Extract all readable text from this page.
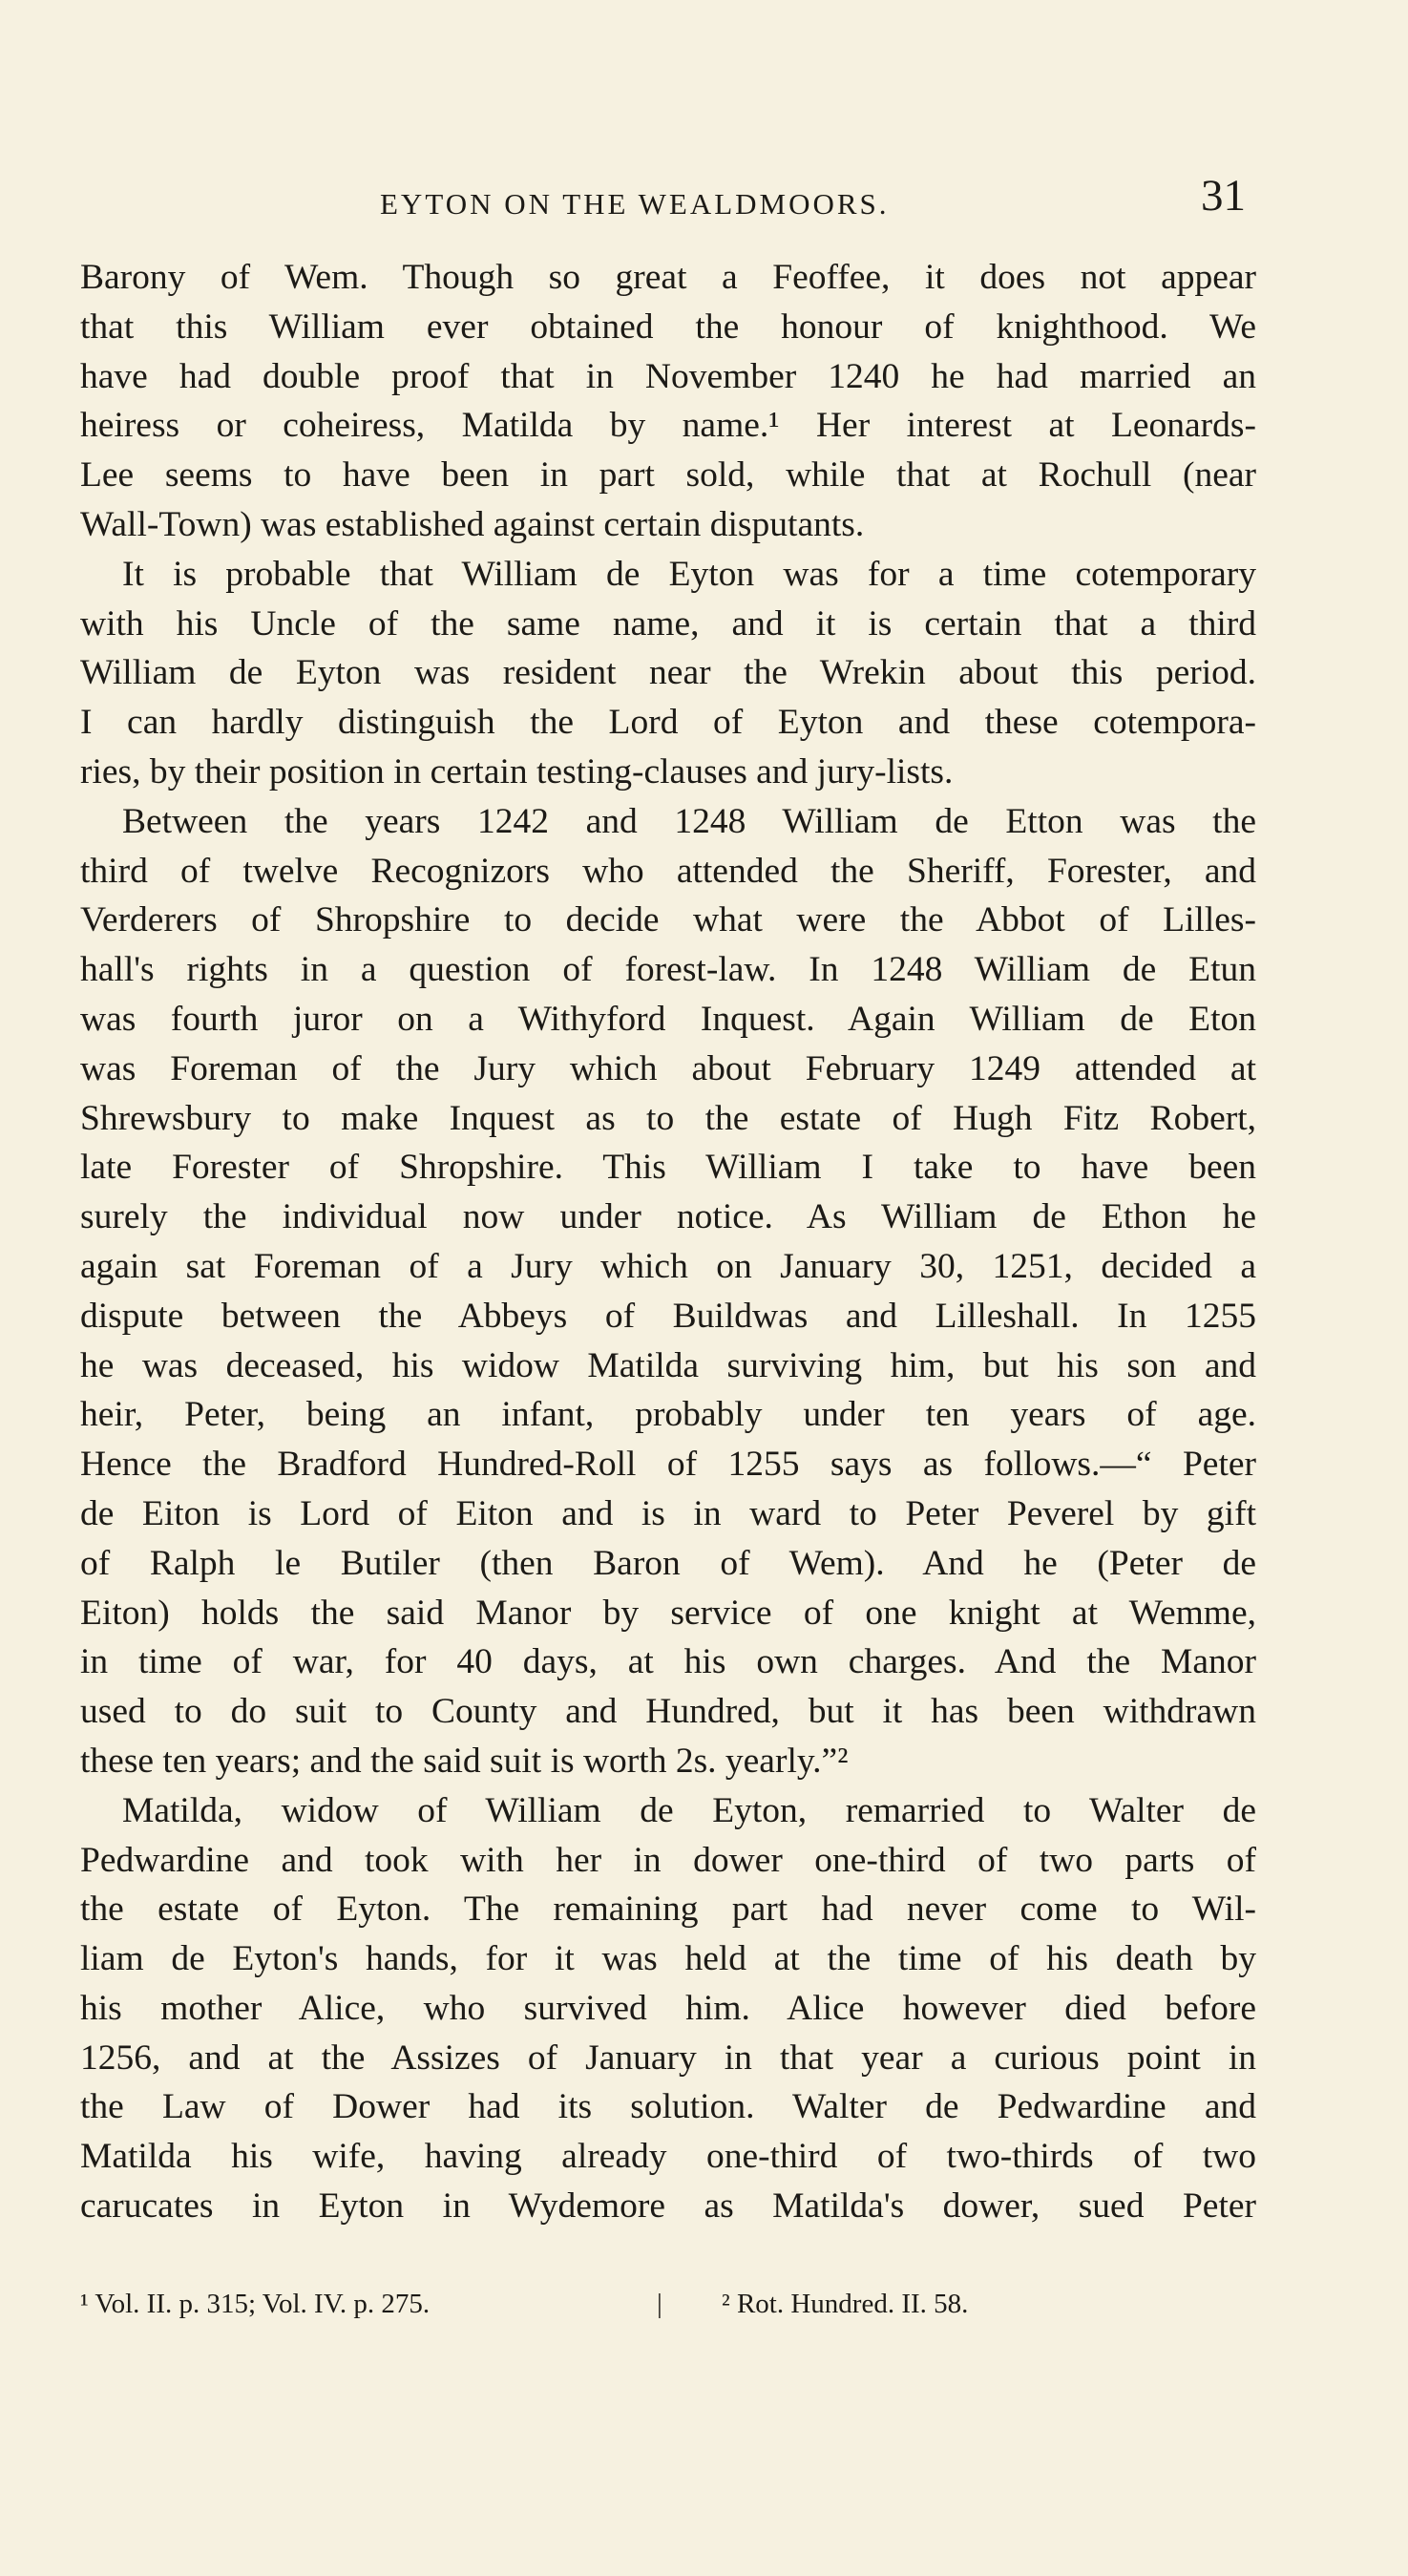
EYTON ON THE WEALDMOORS.	31
Barony of Wem. Though so great a Feoffee, it does not appear
that this William ever obtained the honour of knighthood. We
have had double proof that in November 1240 he had married an
heiress or coheiress, Matilda by name.¹ Her interest at Leonards-
Lee seems to have been in part sold, while that at Rochull (near
Wall-Town) was established against certain disputants.
It is probable that William de Eyton was for a time cotemporary
with his Uncle of the same name, and it is certain that a third
William de Eyton was resident near the Wrekin about this period.
I can hardly distinguish the Lord of Eyton and these cotempora-
ries, by their position in certain testing-clauses and jury-lists.
Between the years 1242 and 1248 William de Etton was the
third of twelve Recognizors who attended the Sheriff, Forester, and
Verderers of Shropshire to decide what were the Abbot of Lilles-
hall's rights in a question of forest-law. In 1248 William de Etun
was fourth juror on a Withyford Inquest. Again William de Eton
was Foreman of the Jury which about February 1249 attended at
Shrewsbury to make Inquest as to the estate of Hugh Fitz Robert,
late Forester of Shropshire. This William I take to have been
surely the individual now under notice. As William de Ethon he
again sat Foreman of a Jury which on January 30, 1251, decided a
dispute between the Abbeys of Buildwas and Lilleshall. In 1255
he was deceased, his widow Matilda surviving him, but his son and
heir, Peter, being an infant, probably under ten years of age.
Hence the Bradford Hundred-Roll of 1255 says as follows.—“ Peter
de Eiton is Lord of Eiton and is in ward to Peter Peverel by gift
of Ralph le Butiler (then Baron of Wem). And he (Peter de
Eiton) holds the said Manor by service of one knight at Wemme,
in time of war, for 40 days, at his own charges. And the Manor
used to do suit to County and Hundred, but it has been withdrawn
these ten years; and the said suit is worth 2s. yearly.”²
Matilda, widow of William de Eyton, remarried to Walter de
Pedwardine and took with her in dower one-third of two parts of
the estate of Eyton. The remaining part had never come to Wil-
liam de Eyton's hands, for it was held at the time of his death by
his mother Alice, who survived him. Alice however died before
1256, and at the Assizes of January in that year a curious point in
the Law of Dower had its solution. Walter de Pedwardine and
Matilda his wife, having already one-third of two-thirds of two
carucates in Eyton in Wydemore as Matilda's dower, sued Peter
¹ Vol. II. p. 315; Vol. IV. p. 275.	| ² Rot. Hundred. II. 58.
